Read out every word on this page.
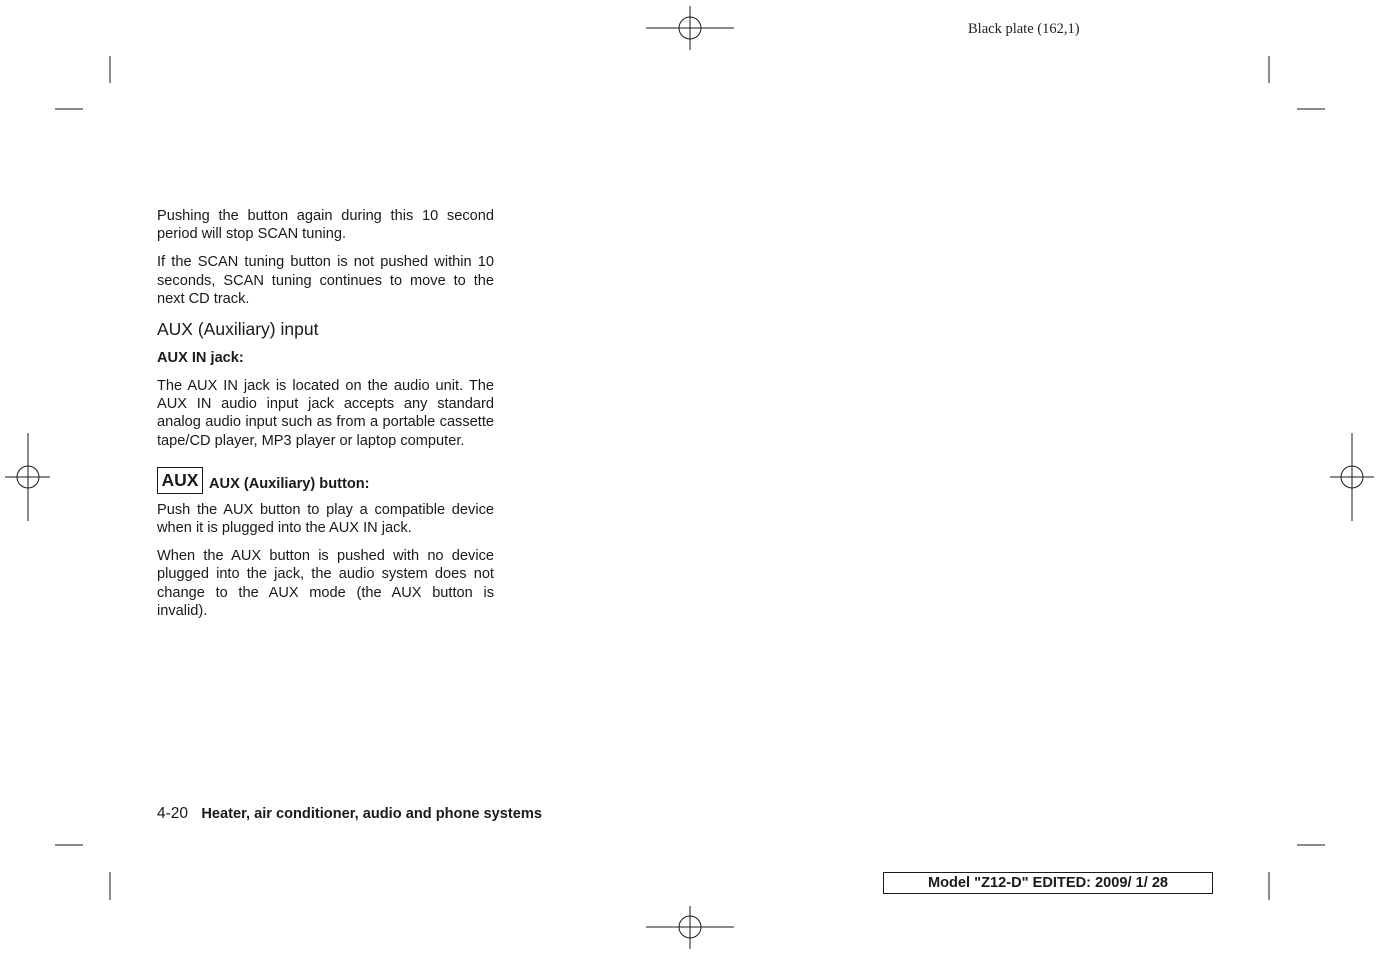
Black plate (162,1)

Pushing the button again during this 10 second period will stop SCAN tuning.

If the SCAN tuning button is not pushed within 10 seconds, SCAN tuning continues to move to the next CD track.

AUX (Auxiliary) input
AUX IN jack:

The AUX IN jack is located on the audio unit. The AUX IN audio input jack accepts any standard analog audio input such as from a portable cassette tape/CD player, MP3 player or laptop computer.

AUX AUX (Auxiliary) button:

Push the AUX button to play a compatible device when it is plugged into the AUX IN jack.

When the AUX button is pushed with no device plugged into the jack, the audio system does not change to the AUX mode (the AUX button is invalid).

4-20 Heater, air conditioner, audio and phone systems
Model "Z12-D" EDITED: 2009/ 1/ 28
